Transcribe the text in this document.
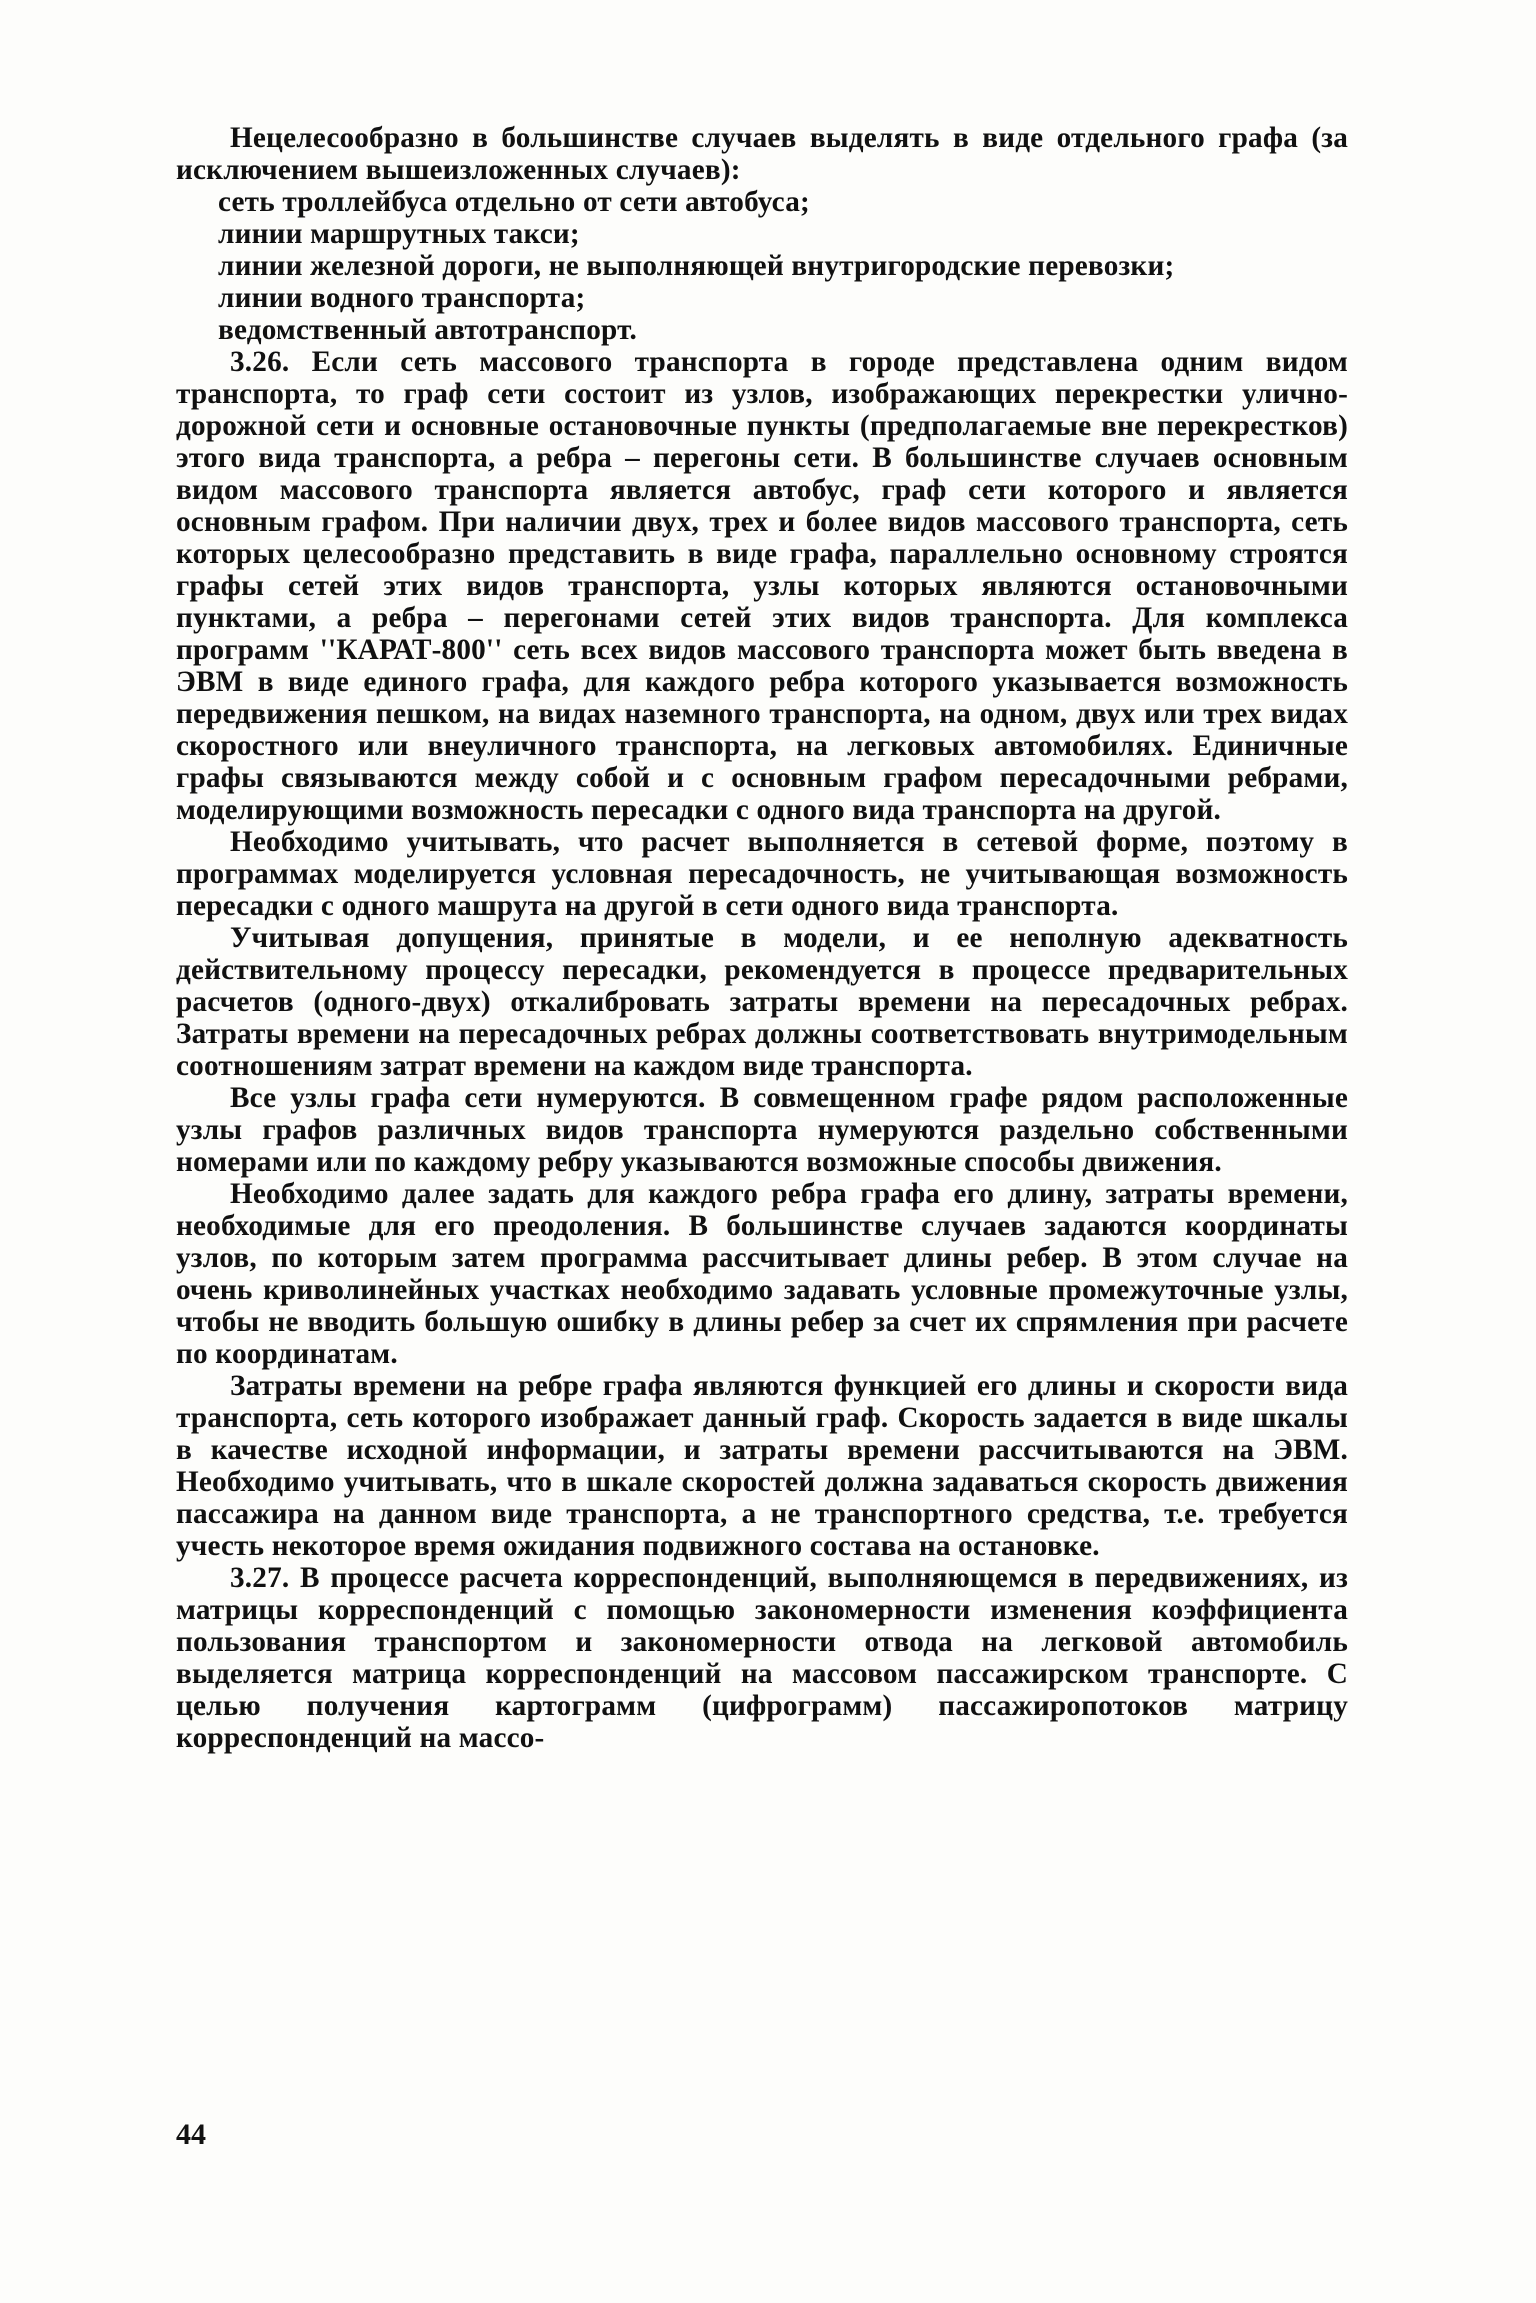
Нецелесообразно в большинстве случаев выделять в виде отдельного графа (за исключением вышеизложенных случаев):

сеть троллейбуса отдельно от сети автобуса;

линии маршрутных такси;

линии железной дороги, не выполняющей внутригородские перевозки;

линии водного транспорта;

ведомственный автотранспорт.

3.26. Если сеть массового транспорта в городе представлена одним видом транспорта, то граф сети состоит из узлов, изображающих перекрестки улично-дорожной сети и основные остановочные пункты (предполагаемые вне перекрестков) этого вида транспорта, а ребра – перегоны сети. В большинстве случаев основным видом массового транспорта является автобус, граф сети которого и является основным графом. При наличии двух, трех и более видов массового транспорта, сеть которых целесообразно представить в виде графа, параллельно основному строятся графы сетей этих видов транспорта, узлы которых являются остановочными пунктами, а ребра – перегонами сетей этих видов транспорта. Для комплекса программ ''КАРАТ-800'' сеть всех видов массового транспорта может быть введена в ЭВМ в виде единого графа, для каждого ребра которого указывается возможность передвижения пешком, на видах наземного транспорта, на одном, двух или трех видах скоростного или внеуличного транспорта, на легковых автомобилях. Единичные графы связываются между собой и с основным графом пересадочными ребрами, моделирующими возможность пересадки с одного вида транспорта на другой.

Необходимо учитывать, что расчет выполняется в сетевой форме, поэтому в программах моделируется условная пересадочность, не учитывающая возможность пересадки с одного машрута на другой в сети одного вида транспорта.

Учитывая допущения, принятые в модели, и ее неполную адекватность действительному процессу пересадки, рекомендуется в процессе предварительных расчетов (одного-двух) откалибровать затраты времени на пересадочных ребрах. Затраты времени на пересадочных ребрах должны соответствовать внутримодельным соотношениям затрат времени на каждом виде транспорта.

Все узлы графа сети нумеруются. В совмещенном графе рядом расположенные узлы графов различных видов транспорта нумеруются раздельно собственными номерами или по каждому ребру указываются возможные способы движения.

Необходимо далее задать для каждого ребра графа его длину, затраты времени, необходимые для его преодоления. В большинстве случаев задаются координаты узлов, по которым затем программа рассчитывает длины ребер. В этом случае на очень криволинейных участках необходимо задавать условные промежуточные узлы, чтобы не вводить большую ошибку в длины ребер за счет их спрямления при расчете по координатам.

Затраты времени на ребре графа являются функцией его длины и скорости вида транспорта, сеть которого изображает данный граф. Скорость задается в виде шкалы в качестве исходной информации, и затраты времени рассчитываются на ЭВМ. Необходимо учитывать, что в шкале скоростей должна задаваться скорость движения пассажира на данном виде транспорта, а не транспортного средства, т.е. требуется учесть некоторое время ожидания подвижного состава на остановке.

3.27. В процессе расчета корреспонденций, выполняющемся в передвижениях, из матрицы корреспонденций с помощью закономерности изменения коэффициента пользования транспортом и закономерности отвода на легковой автомобиль выделяется матрица корреспонденций на массовом пассажирском транспорте. С целью получения картограмм (цифрограмм) пассажиропотоков матрицу корреспонденций на массо-

44
